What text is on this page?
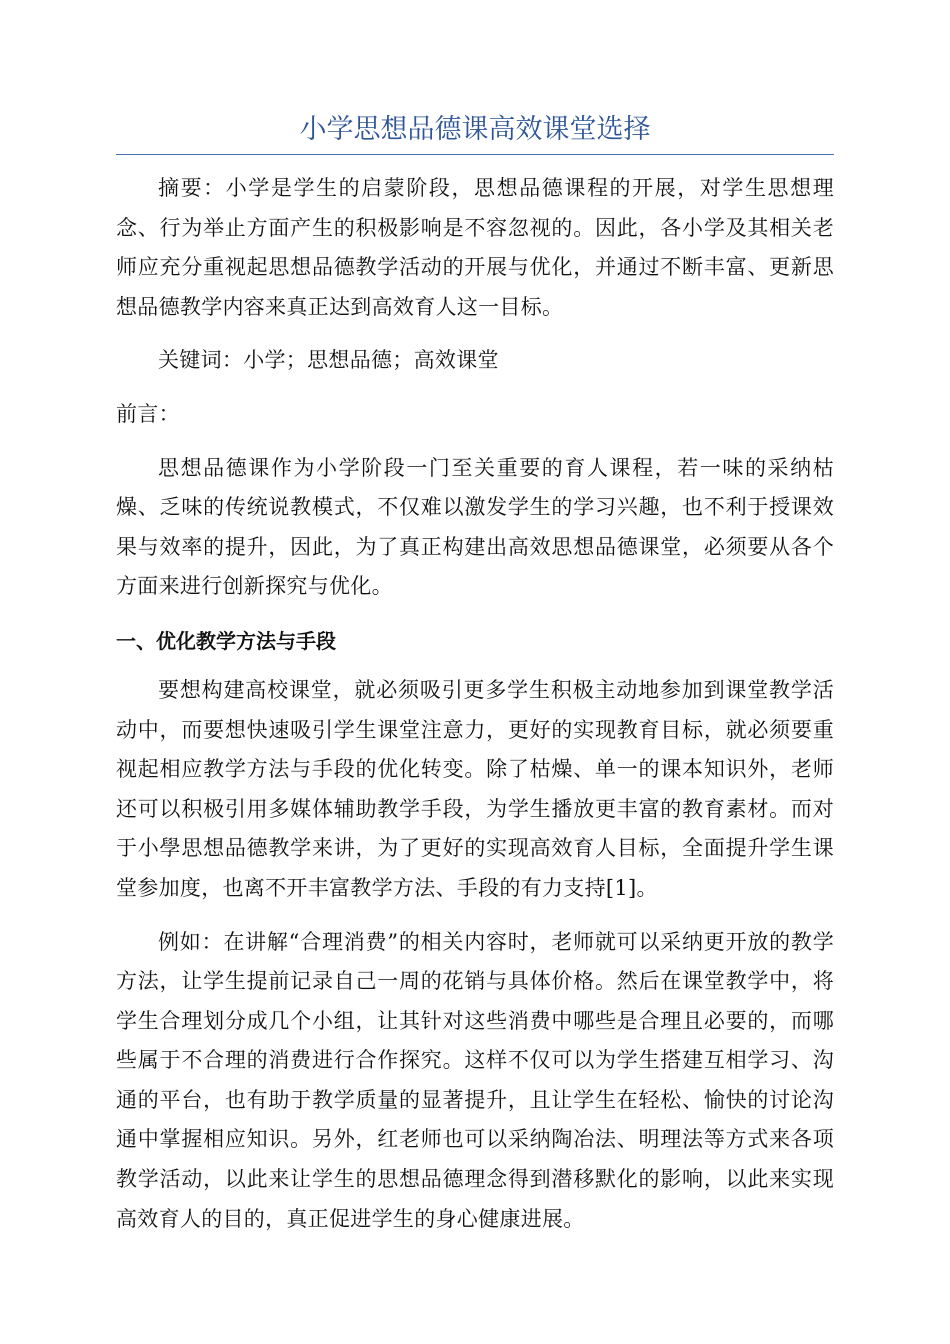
小学思想品德课高效课堂选择

摘要：小学是学生的启蒙阶段，思想品德课程的开展，对学生思想理念、行为举止方面产生的积极影响是不容忽视的。因此，各小学及其相关老师应充分重视起思想品德教学活动的开展与优化，并通过不断丰富、更新思想品德教学内容来真正达到高效育人这一目标。

关键词：小学；思想品德；高效课堂

前言：

思想品德课作为小学阶段一门至关重要的育人课程，若一味的采纳枯燥、乏味的传统说教模式，不仅难以激发学生的学习兴趣，也不利于授课效果与效率的提升，因此，为了真正构建出高效思想品德课堂，必须要从各个方面来进行创新探究与优化。

一、优化教学方法与手段

要想构建高校课堂，就必须吸引更多学生积极主动地参加到课堂教学活动中，而要想快速吸引学生课堂注意力，更好的实现教育目标，就必须要重视起相应教学方法与手段的优化转变。除了枯燥、单一的课本知识外，老师还可以积极引用多媒体辅助教学手段，为学生播放更丰富的教育素材。而对于小學思想品德教学来讲，为了更好的实现高效育人目标，全面提升学生课堂参加度，也离不开丰富教学方法、手段的有力支持[1]。

例如：在讲解“合理消费”的相关内容时，老师就可以采纳更开放的教学方法，让学生提前记录自己一周的花销与具体价格。然后在课堂教学中，将学生合理划分成几个小组，让其针对这些消费中哪些是合理且必要的，而哪些属于不合理的消费进行合作探究。这样不仅可以为学生搭建互相学习、沟通的平台，也有助于教学质量的显著提升，且让学生在轻松、愉快的讨论沟通中掌握相应知识。另外，红老师也可以采纳陶冶法、明理法等方式来各项教学活动，以此来让学生的思想品德理念得到潜移默化的影响，以此来实现高效育人的目的，真正促进学生的身心健康进展。
